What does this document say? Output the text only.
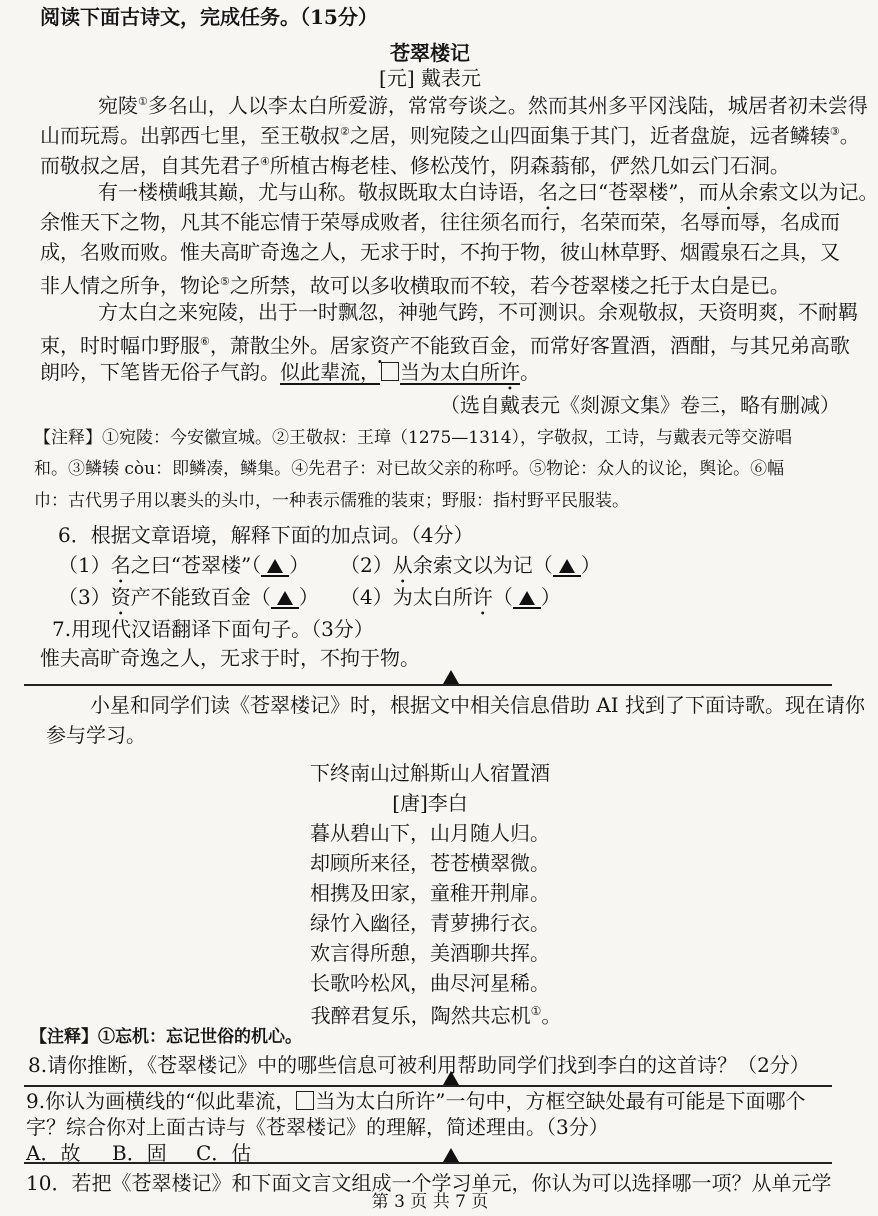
阅读下面古诗文，完成任务。（15分）
苍翠楼记
[元] 戴表元
宛陵①多名山，人以李太白所爱游，常常夸谈之。然而其州多平冈浅陆，城居者初未尝得
山而玩焉。出郭西七里，至王敬叔②之居，则宛陵之山四面集于其门，近者盘旋，远者鳞辏③。
而敬叔之居，自其先君子④所植古梅老桂、修松茂竹，阴森蓊郁，俨然几如云门石洞。
有一楼横峨其巅，尤与山称。敬叔既取太白诗语，名之曰“苍翠楼”，而从余索文以为记。
余惟天下之物，凡其不能忘情于荣辱成败者，往往须名而行，名荣而荣，名辱而辱，名成而
成，名败而败。惟夫高旷奇逸之人，无求于时，不拘于物，彼山林草野、烟霞泉石之具，又
非人情之所争，物论⑤之所禁，故可以多收横取而不较，若今苍翠楼之托于太白是已。
方太白之来宛陵，出于一时飘忽，神驰气跨，不可测识。余观敬叔，天资明爽，不耐羁
束，时时幅巾野服⑥，萧散尘外。居家资产不能致百金，而常好客置酒，酒酣，与其兄弟高歌
朗吟，下笔皆无俗子气韵。似此辈流， 当为太白所许。
（选自戴表元《剡源文集》卷三，略有删减）
【注释】①宛陵：今安徽宣城。②王敬叔：王璋（1275—1314），字敬叔，工诗，与戴表元等交游唱
和。③鳞辏 còu：即鳞凑，鳞集。④先君子：对已故父亲的称呼。⑤物论：众人的议论，舆论。⑥幅
巾：古代男子用以裹头的头巾，一种表示儒雅的装束；野服：指村野平民服装。
6．根据文章语境，解释下面的加点词。（4分）
（1）名之曰“苍翠楼”（ ） （2）从余索文以为记（ ）
（3）资产不能致百金（ ） （4）为太白所许（ ）
7.用现代汉语翻译下面句子。（3分）
惟夫高旷奇逸之人，无求于时，不拘于物。
小星和同学们读《苍翠楼记》时，根据文中相关信息借助 AI 找到了下面诗歌。现在请你
参与学习。
下终南山过斛斯山人宿置酒
[唐]李白
暮从碧山下，山月随人归。
却顾所来径，苍苍横翠微。
相携及田家，童稚开荆扉。
绿竹入幽径，青萝拂行衣。
欢言得所憩，美酒聊共挥。
长歌吟松风，曲尽河星稀。
我醉君复乐，陶然共忘机①。
【注释】①忘机：忘记世俗的机心。
8.请你推断，《苍翠楼记》中的哪些信息可被利用帮助同学们找到李白的这首诗？（2分）
9.你认为画横线的“似此辈流， 当为太白所许”一句中，方框空缺处最有可能是下面哪个
字？综合你对上面古诗与《苍翠楼记》的理解，简述理由。（3分）
A．故 B．固 C．估
10．若把《苍翠楼记》和下面文言文组成一个学习单元，你认为可以选择哪一项？从单元学
第 3 页 共 7 页
